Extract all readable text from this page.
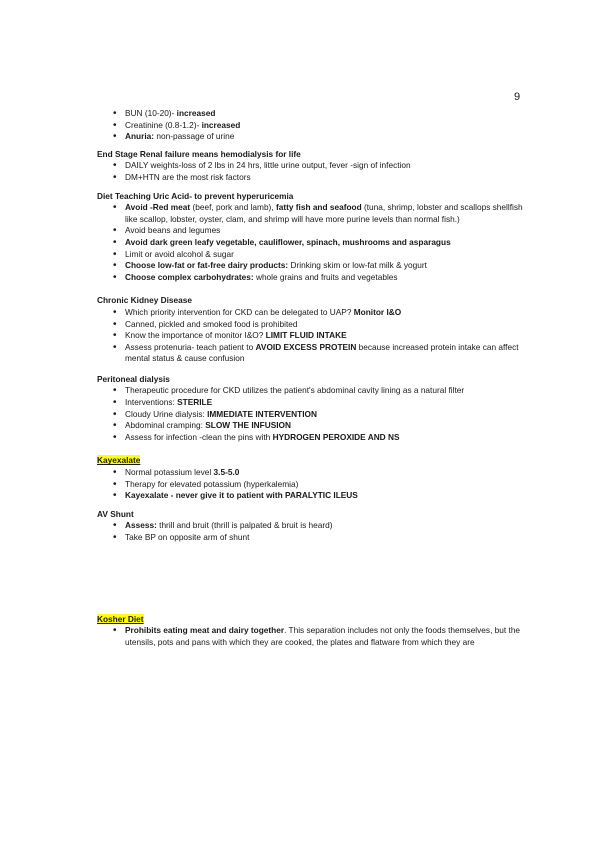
9
• BUN (10-20)- increased
• Creatinine (0.8-1.2)- increased
• Anuria: non-passage of urine

End Stage Renal failure means hemodialysis for life

• DAILY weights-loss of 2 lbs in 24 hrs, little urine output, fever -sign of infection
• DM+HTN are the most risk factors

Diet Teaching Uric Acid- to prevent hyperuricemia

• Avoid -Red meat (beef, pork and lamb), fatty fish and seafood (tuna, shrimp, lobster and scallops shellfish like scallop, lobster, oyster, clam, and shrimp will have more purine levels than normal fish.)
• Avoid beans and legumes
• Avoid dark green leafy vegetable, cauliflower, spinach, mushrooms and asparagus
• Limit or avoid alcohol & sugar
• Choose low-fat or fat-free dairy products: Drinking skim or low-fat milk & yogurt
• Choose complex carbohydrates: whole grains and fruits and vegetables

Chronic Kidney Disease

• Which priority intervention for CKD can be delegated to UAP? Monitor I&O
• Canned, pickled and smoked food is prohibited
• Know the importance of monitor I&O? LIMIT FLUID INTAKE
• Assess protenuria- teach patient to AVOID EXCESS PROTEIN because increased protein intake can affect mental status & cause confusion

Peritoneal dialysis

• Therapeutic procedure for CKD utilizes the patient's abdominal cavity lining as a natural filter
• Interventions: STERILE
• Cloudy Urine dialysis: IMMEDIATE INTERVENTION
• Abdominal cramping: SLOW THE INFUSION
• Assess for infection -clean the pins with HYDROGEN PEROXIDE AND NS

Kayexalate

• Normal potassium level 3.5-5.0
• Therapy for elevated potassium (hyperkalemia)
• Kayexalate - never give it to patient with PARALYTIC ILEUS

AV Shunt

• Assess: thrill and bruit (thrill is palpated & bruit is heard)
• Take BP on opposite arm of shunt

Kosher Diet

• Prohibits eating meat and dairy together. This separation includes not only the foods themselves, but the utensils, pots and pans with which they are cooked, the plates and flatware from which they are
